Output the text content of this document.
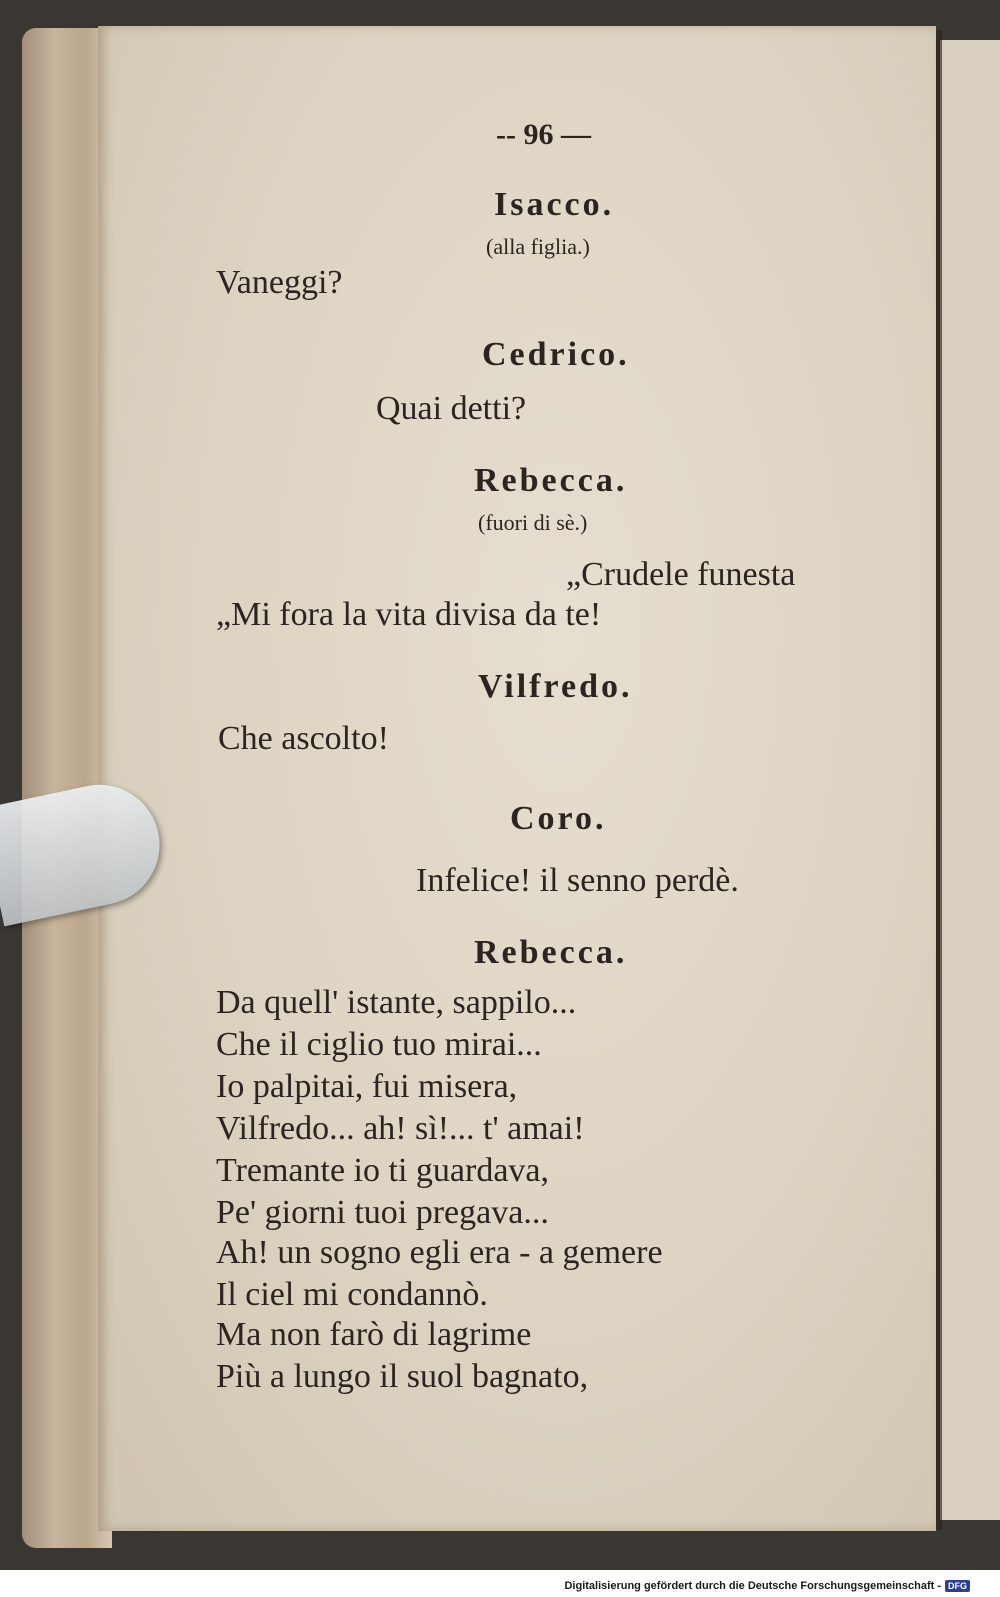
-- 96 —

Isacco.

(alla figlia.)

Vaneggi?

Cedrico.

Quai detti?

Rebecca.

(fuori di sè.)

„Crudele funesta

„Mi fora la vita divisa da te!

Vilfredo.

Che ascolto!

Coro.

Infelice! il senno perdè.

Rebecca.

Da quell' istante, sappilo...

Che il ciglio tuo mirai...

Io palpitai, fui misera,

Vilfredo... ah! sì!... t' amai!

Tremante io ti guardava,

Pe' giorni tuoi pregava...

Ah! un sogno egli era - a gemere

Il ciel mi condannò.

Ma non farò di lagrime

Più a lungo il suol bagnato,

Digitalisierung gefördert durch die Deutsche Forschungsgemeinschaft - DFG
